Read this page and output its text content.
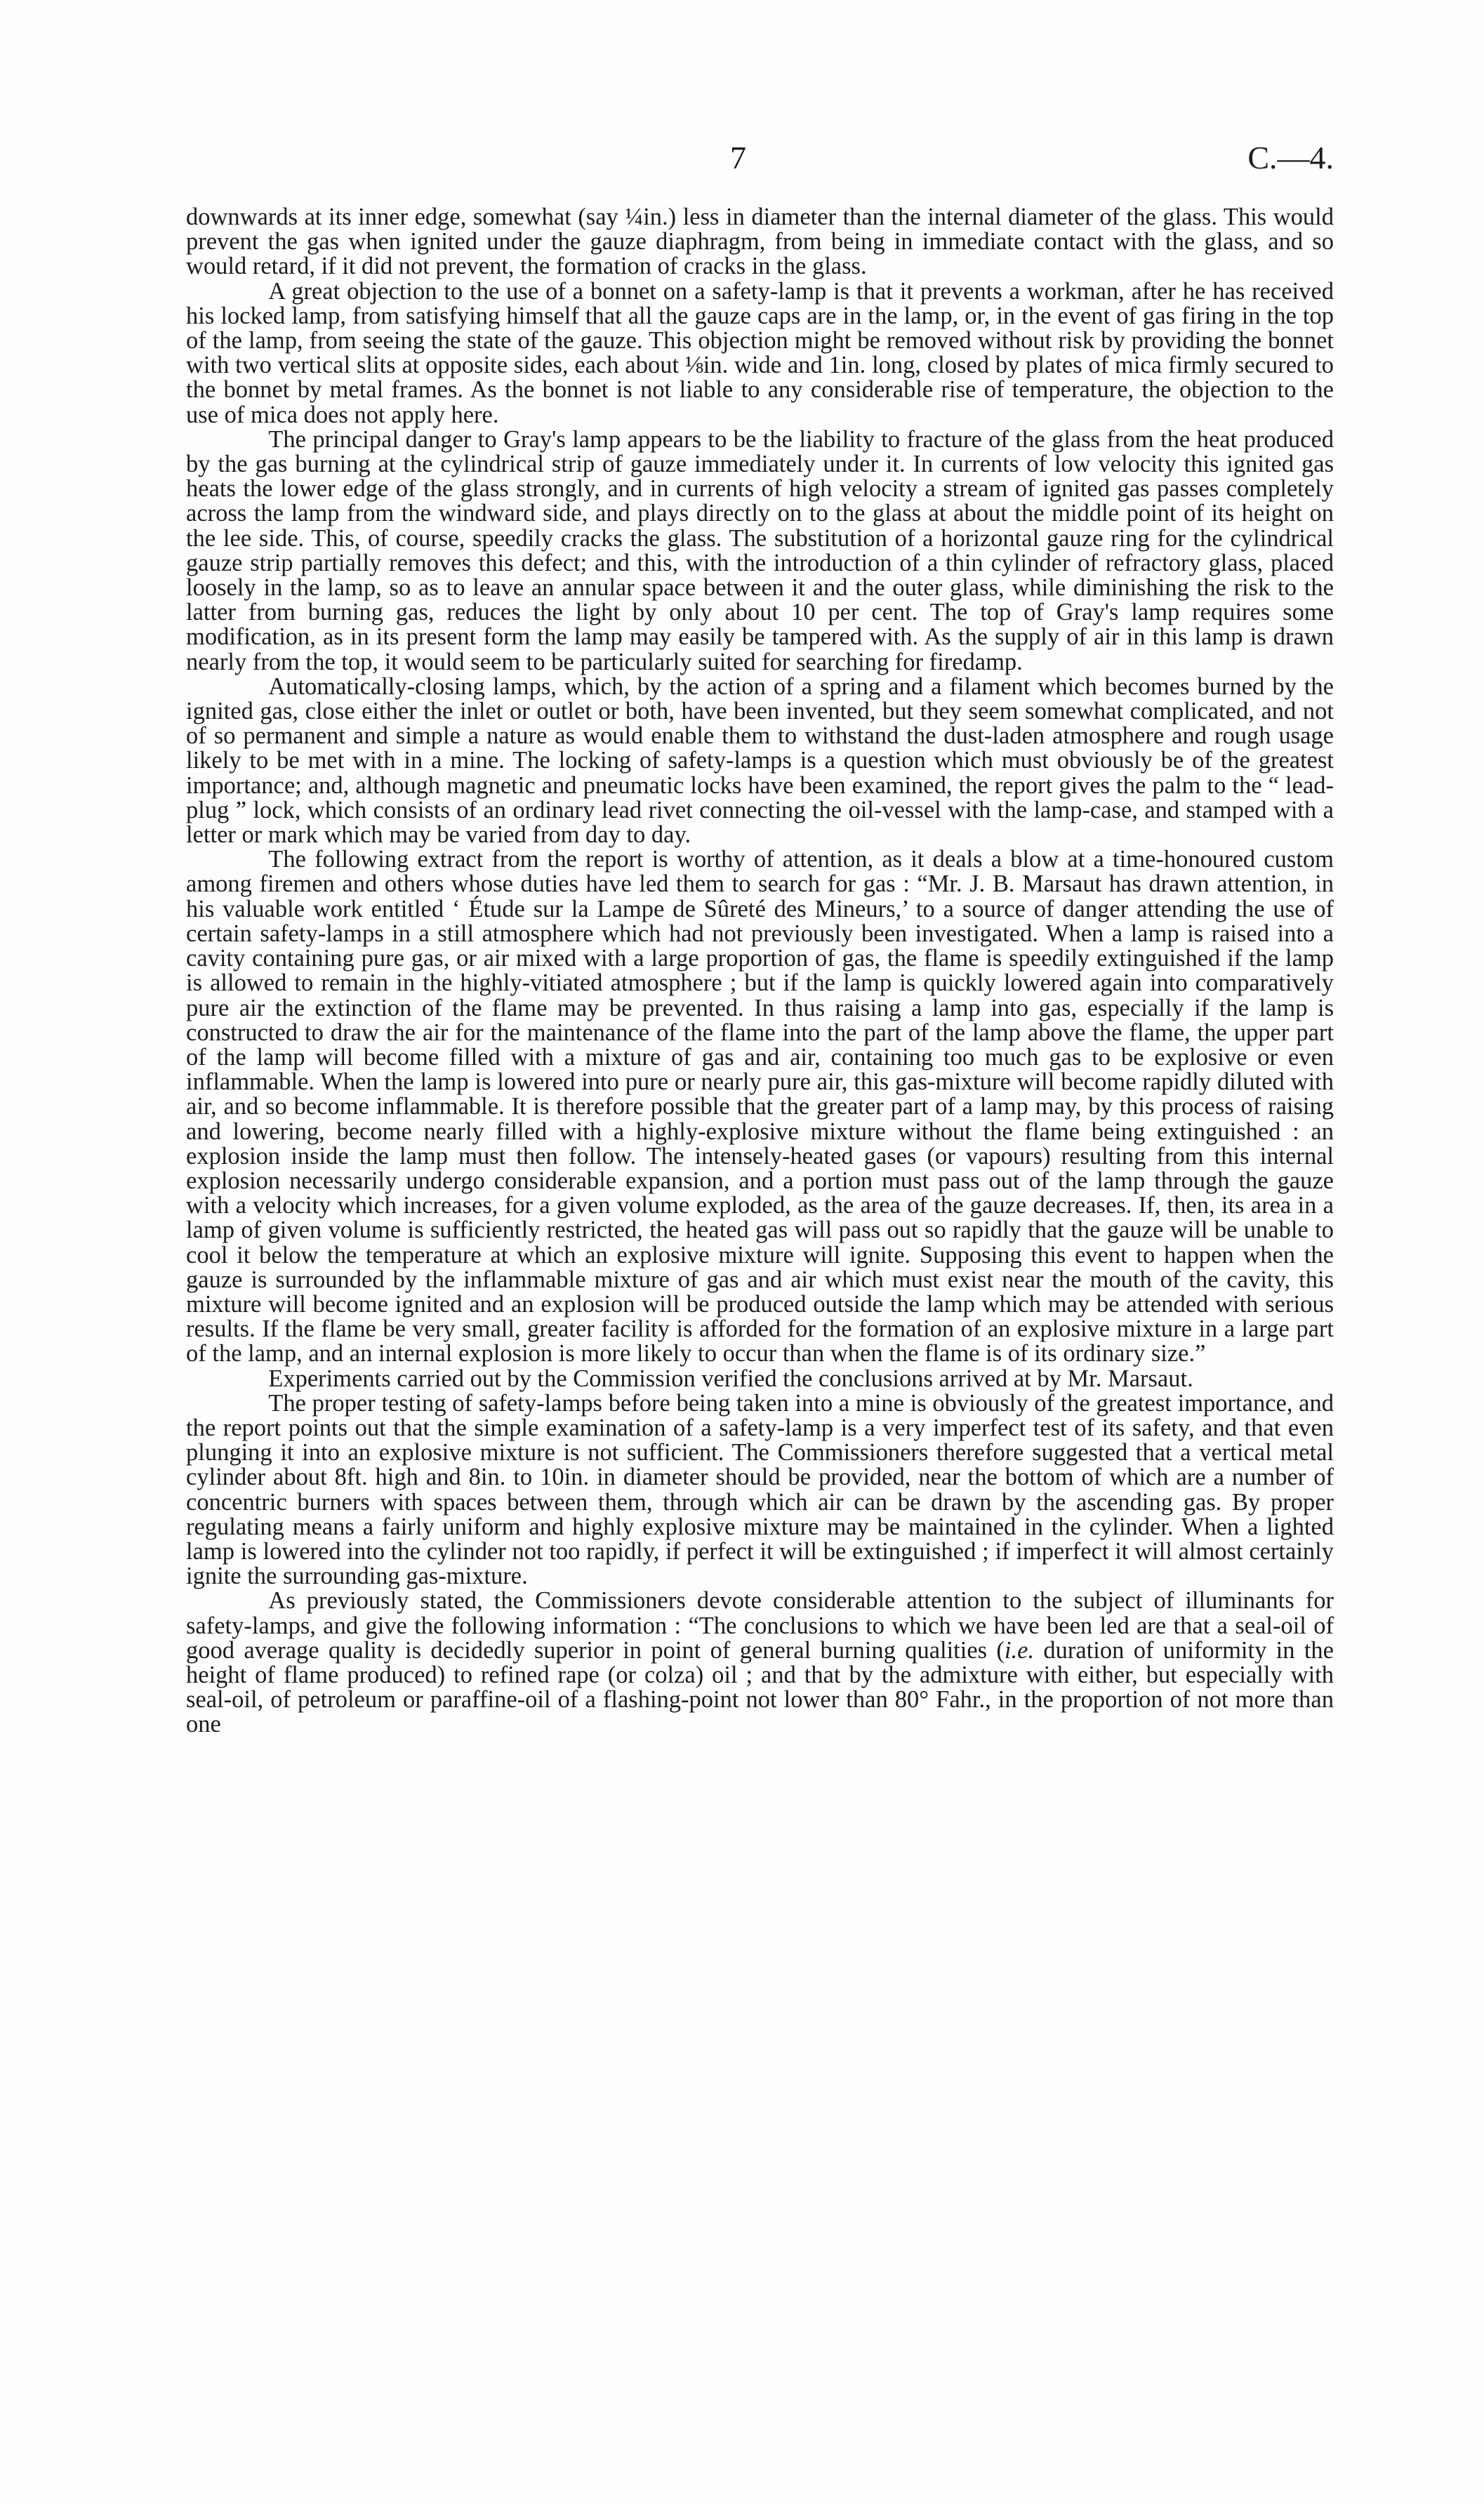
7	C.—4.

downwards at its inner edge, somewhat (say ¼in.) less in diameter than the internal diameter of the glass. This would prevent the gas when ignited under the gauze diaphragm, from being in immediate contact with the glass, and so would retard, if it did not prevent, the formation of cracks in the glass.

A great objection to the use of a bonnet on a safety-lamp is that it prevents a workman, after he has received his locked lamp, from satisfying himself that all the gauze caps are in the lamp, or, in the event of gas firing in the top of the lamp, from seeing the state of the gauze. This objection might be removed without risk by providing the bonnet with two vertical slits at opposite sides, each about ⅛in. wide and 1in. long, closed by plates of mica firmly secured to the bonnet by metal frames. As the bonnet is not liable to any considerable rise of temperature, the objection to the use of mica does not apply here.

The principal danger to Gray's lamp appears to be the liability to fracture of the glass from the heat produced by the gas burning at the cylindrical strip of gauze immediately under it. In currents of low velocity this ignited gas heats the lower edge of the glass strongly, and in currents of high velocity a stream of ignited gas passes completely across the lamp from the windward side, and plays directly on to the glass at about the middle point of its height on the lee side. This, of course, speedily cracks the glass. The substitution of a horizontal gauze ring for the cylindrical gauze strip partially removes this defect; and this, with the introduction of a thin cylinder of refractory glass, placed loosely in the lamp, so as to leave an annular space between it and the outer glass, while diminishing the risk to the latter from burning gas, reduces the light by only about 10 per cent. The top of Gray's lamp requires some modification, as in its present form the lamp may easily be tampered with. As the supply of air in this lamp is drawn nearly from the top, it would seem to be particularly suited for searching for firedamp.

Automatically-closing lamps, which, by the action of a spring and a filament which becomes burned by the ignited gas, close either the inlet or outlet or both, have been invented, but they seem somewhat complicated, and not of so permanent and simple a nature as would enable them to withstand the dust-laden atmosphere and rough usage likely to be met with in a mine. The locking of safety-lamps is a question which must obviously be of the greatest importance; and, although magnetic and pneumatic locks have been examined, the report gives the palm to the “ lead-plug ” lock, which consists of an ordinary lead rivet connecting the oil-vessel with the lamp-case, and stamped with a letter or mark which may be varied from day to day.

The following extract from the report is worthy of attention, as it deals a blow at a time-honoured custom among firemen and others whose duties have led them to search for gas : “Mr. J. B. Marsaut has drawn attention, in his valuable work entitled ‘ Étude sur la Lampe de Sûreté des Mineurs,’ to a source of danger attending the use of certain safety-lamps in a still atmosphere which had not previously been investigated. When a lamp is raised into a cavity containing pure gas, or air mixed with a large proportion of gas, the flame is speedily extinguished if the lamp is allowed to remain in the highly-vitiated atmosphere ; but if the lamp is quickly lowered again into comparatively pure air the extinction of the flame may be prevented. In thus raising a lamp into gas, especially if the lamp is constructed to draw the air for the maintenance of the flame into the part of the lamp above the flame, the upper part of the lamp will become filled with a mixture of gas and air, containing too much gas to be explosive or even inflammable. When the lamp is lowered into pure or nearly pure air, this gas-mixture will become rapidly diluted with air, and so become inflammable. It is therefore possible that the greater part of a lamp may, by this process of raising and lowering, become nearly filled with a highly-explosive mixture without the flame being extinguished : an explosion inside the lamp must then follow. The intensely-heated gases (or vapours) resulting from this internal explosion necessarily undergo considerable expansion, and a portion must pass out of the lamp through the gauze with a velocity which increases, for a given volume exploded, as the area of the gauze decreases. If, then, its area in a lamp of given volume is sufficiently restricted, the heated gas will pass out so rapidly that the gauze will be unable to cool it below the temperature at which an explosive mixture will ignite. Supposing this event to happen when the gauze is surrounded by the inflammable mixture of gas and air which must exist near the mouth of the cavity, this mixture will become ignited and an explosion will be produced outside the lamp which may be attended with serious results. If the flame be very small, greater facility is afforded for the formation of an explosive mixture in a large part of the lamp, and an internal explosion is more likely to occur than when the flame is of its ordinary size.”

Experiments carried out by the Commission verified the conclusions arrived at by Mr. Marsaut.

The proper testing of safety-lamps before being taken into a mine is obviously of the greatest importance, and the report points out that the simple examination of a safety-lamp is a very imperfect test of its safety, and that even plunging it into an explosive mixture is not sufficient. The Commissioners therefore suggested that a vertical metal cylinder about 8ft. high and 8in. to 10in. in diameter should be provided, near the bottom of which are a number of concentric burners with spaces between them, through which air can be drawn by the ascending gas. By proper regulating means a fairly uniform and highly explosive mixture may be maintained in the cylinder. When a lighted lamp is lowered into the cylinder not too rapidly, if perfect it will be extinguished ; if imperfect it will almost certainly ignite the surrounding gas-mixture.

As previously stated, the Commissioners devote considerable attention to the subject of illuminants for safety-lamps, and give the following information : “The conclusions to which we have been led are that a seal-oil of good average quality is decidedly superior in point of general burning qualities (i.e. duration of uniformity in the height of flame produced) to refined rape (or colza) oil ; and that by the admixture with either, but especially with seal-oil, of petroleum or paraffine-oil of a flashing-point not lower than 80° Fahr., in the proportion of not more than one
